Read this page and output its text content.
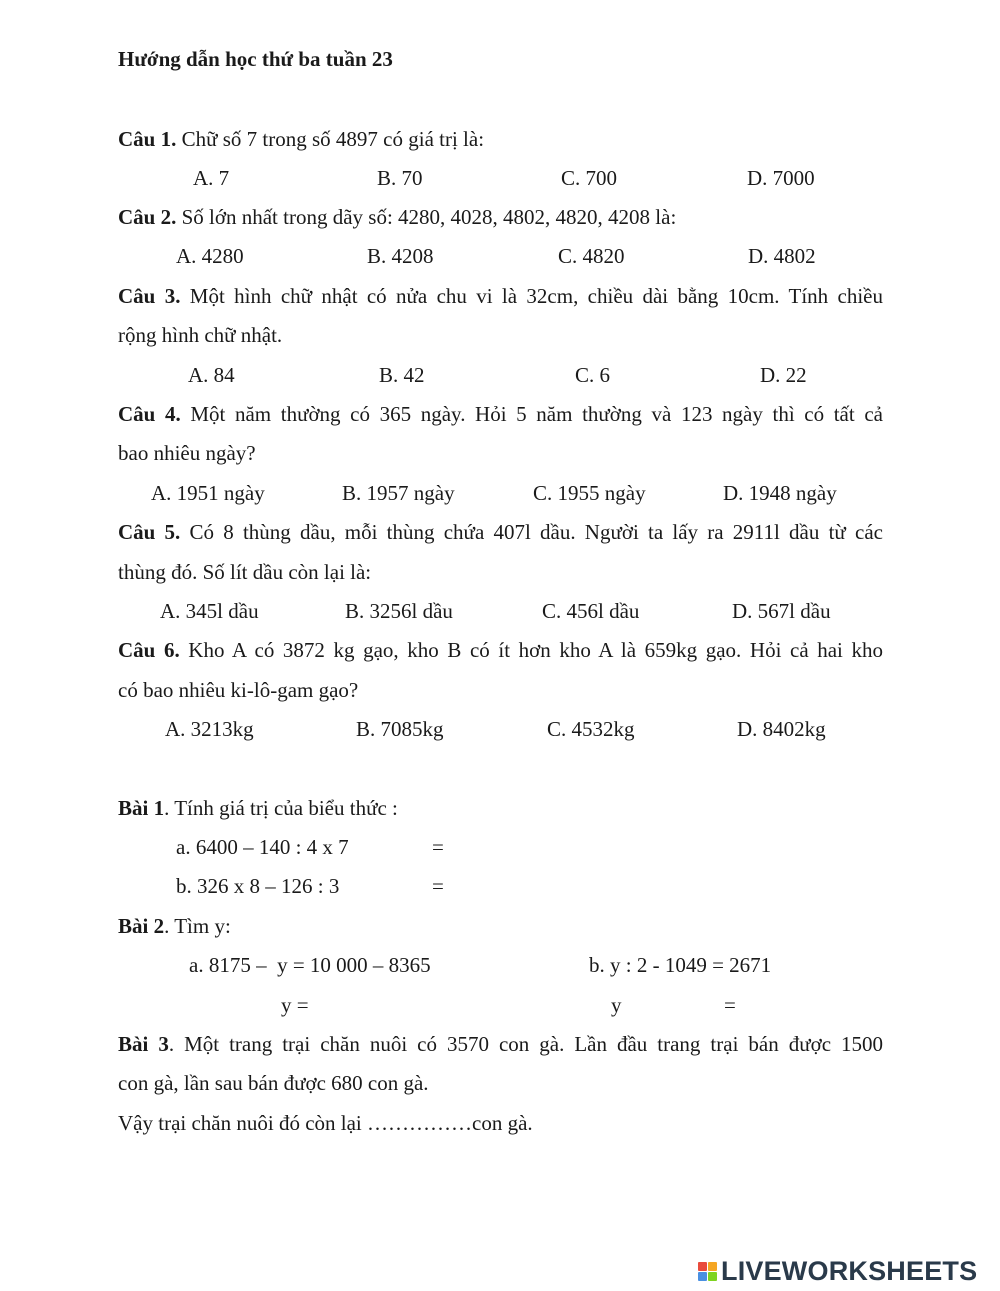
Hướng dẫn học thứ ba tuần 23
Câu 1. Chữ số 7 trong số 4897 có giá trị là:
A. 7	B. 70	C. 700	D. 7000
Câu 2. Số lớn nhất trong dãy số: 4280, 4028, 4802, 4820, 4208 là:
A. 4280	B. 4208	C. 4820	D. 4802
Câu 3. Một hình chữ nhật có nửa chu vi là 32cm, chiều dài bằng 10cm. Tính chiều
rộng hình chữ nhật.
A. 84	B. 42	C. 6	D. 22
Câu 4. Một năm thường có 365 ngày. Hỏi 5 năm thường và 123 ngày thì có tất cả
bao nhiêu ngày?
A. 1951 ngày	B. 1957 ngày	C. 1955 ngày	D. 1948 ngày
Câu 5. Có 8 thùng dầu, mỗi thùng chứa 407l dầu. Người ta lấy ra 2911l dầu từ các
thùng đó. Số lít dầu còn lại là:
A. 345l dầu	B. 3256l dầu	C. 456l dầu	D. 567l dầu
Câu 6. Kho A có 3872 kg gạo, kho B có ít hơn kho A là 659kg gạo. Hỏi cả hai kho
có bao nhiêu ki-lô-gam gạo?
A. 3213kg	B. 7085kg	C. 4532kg	D. 8402kg
Bài 1. Tính giá trị của biểu thức :
a. 6400 – 140 : 4 x 7	=
b. 326 x 8 – 126 : 3	=
Bài 2. Tìm y:
a. 8175 –  y = 10 000 – 8365	b. y : 2 - 1049 = 2671
y =	y	=
Bài 3. Một trang trại chăn nuôi có 3570 con gà. Lần đầu trang trại bán được 1500
con gà, lần sau bán được 680 con gà.
Vậy trại chăn nuôi đó còn lại ……………con gà.
LIVEWORKSHEETS
